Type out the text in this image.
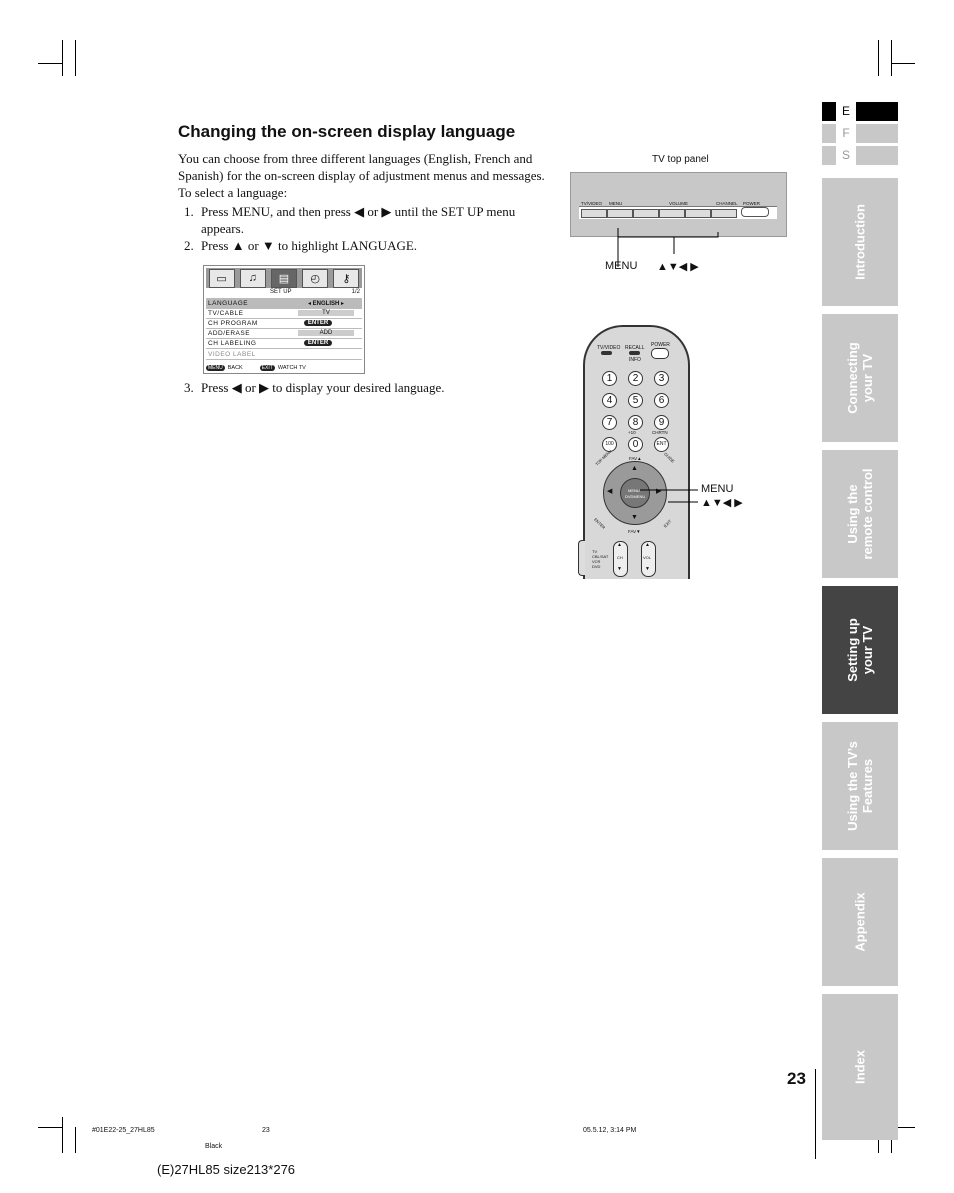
Changing the on-screen display language
You can choose from three different languages (English, French and Spanish) for the on-screen display of adjustment menus and messages.
To select a language:
1. Press MENU, and then press ◀ or ▶ until the SET UP menu appears.
2. Press ▲ or ▼ to highlight LANGUAGE.
3. Press ◀ or ▶ to display your desired language.
▭	♫	▤	◴	⚷
SET UP	1/2
LANGUAGE	◂ ENGLISH ▸
TV/CABLE	TV
CH PROGRAM	ENTER
ADD/ERASE	ADD
CH LABELING	ENTER
VIDEO LABEL
MENU BACK	EXIT WATCH TV
TV top panel
TV/VIDEO MENU	VOLUME	CHANNEL POWER
MENU ▲▼◀ ▶
TV/VIDEO RECALL
INFO
POWER
1	2	3
4	5	6
7	8	9
100	0	ENT
+10	CHRTN
FAV▲
TOP MENU	GUIDE
MENU
DVDMENU
▲
▼
◀	▶
ENTER	EXIT
FAV▼
▲
CH
▼
▲
VOL
▼
TV
CBL/SAT
VCR
DVD
MENU
▲▼◀ ▶
E
F
S
Introduction
Connecting your TV
Using the remote control
Setting up your TV
Using the TV’s Features
Appendix
Index
23
#01E22-25_27HL85	23	05.5.12, 3:14 PM
Black
(E)27HL85 size213*276
